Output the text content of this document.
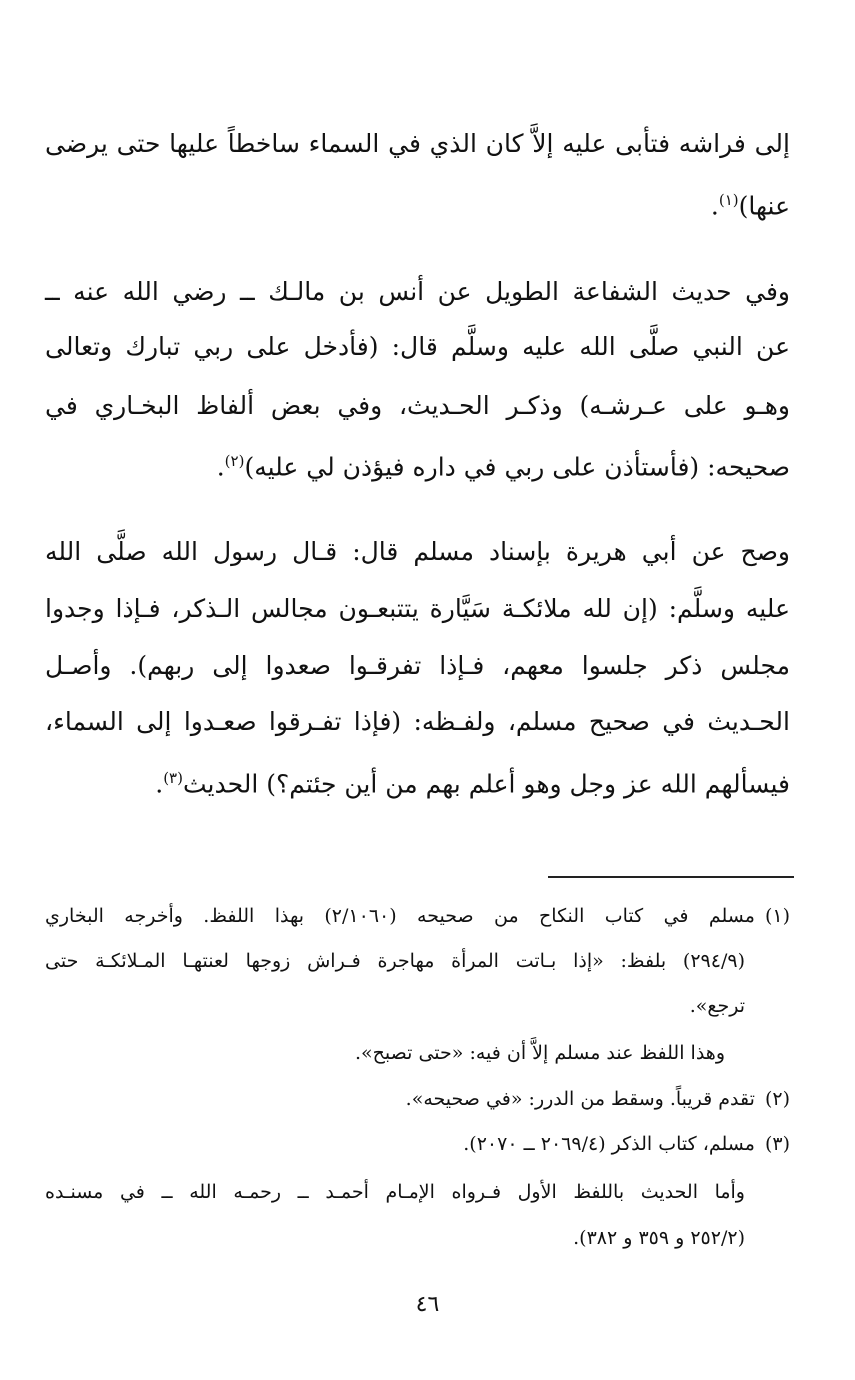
إلى فراشه فتأبى عليه إلاَّ كان الذي في السماء ساخطاً عليها حتى يرضى
عنها)$^{(١)}$.
وفي حديث الشفاعة الطويل عن أنس بن مالـك ــ رضي الله عنه ــ
عن النبي صلَّى الله عليه وسلَّم قال: (فأدخل على ربي تبارك وتعالى
وهـو على عـرشـه) وذكـر الحـديث، وفي بعض ألفاظ البخـاري في
صحيحه: (فأستأذن على ربي في داره فيؤذن لي عليه)$^{(٢)}$.
وصح عن أبي هريرة بإسناد مسلم قال: قـال رسول الله صلَّى الله
عليه وسلَّم: (إن لله ملائكـة سَيَّارة يتتبعـون مجالس الـذكر، فـإذا وجدوا
مجلس ذكر جلسوا معهم، فـإذا تفرقـوا صعدوا إلى ربهم). وأصـل
الحـديث في صحيح مسلم، ولفـظه: (فإذا تفـرقوا صعـدوا إلى السماء،
فيسألهم الله عز وجل وهو أعلم بهم من أين جئتم؟) الحديث$^{(٣)}$.
(١)مسلم في كتاب النكاح من صحيحه (٢/١٠٦٠) بهذا اللفظ. وأخرجه البخاري
(٢٩٤/٩) بلفظ: «إذا بـاتت المرأة مهاجرة فـراش زوجها لعنتهـا المـلائكـة حتى
ترجع».
وهذا اللفظ عند مسلم إلاَّ أن فيه: «حتى تصبح».
(٢)تقدم قريباً. وسقط من الدرر: «في صحيحه».
(٣)مسلم، كتاب الذكر (٢٠٦٩/٤ ــ ٢٠٧٠).
وأما الحديث باللفظ الأول فـرواه الإمـام أحمـد ــ رحمـه الله ــ في مسنـده
(٢٥٢/٢ و ٣٥٩ و ٣٨٢).
٤٦
